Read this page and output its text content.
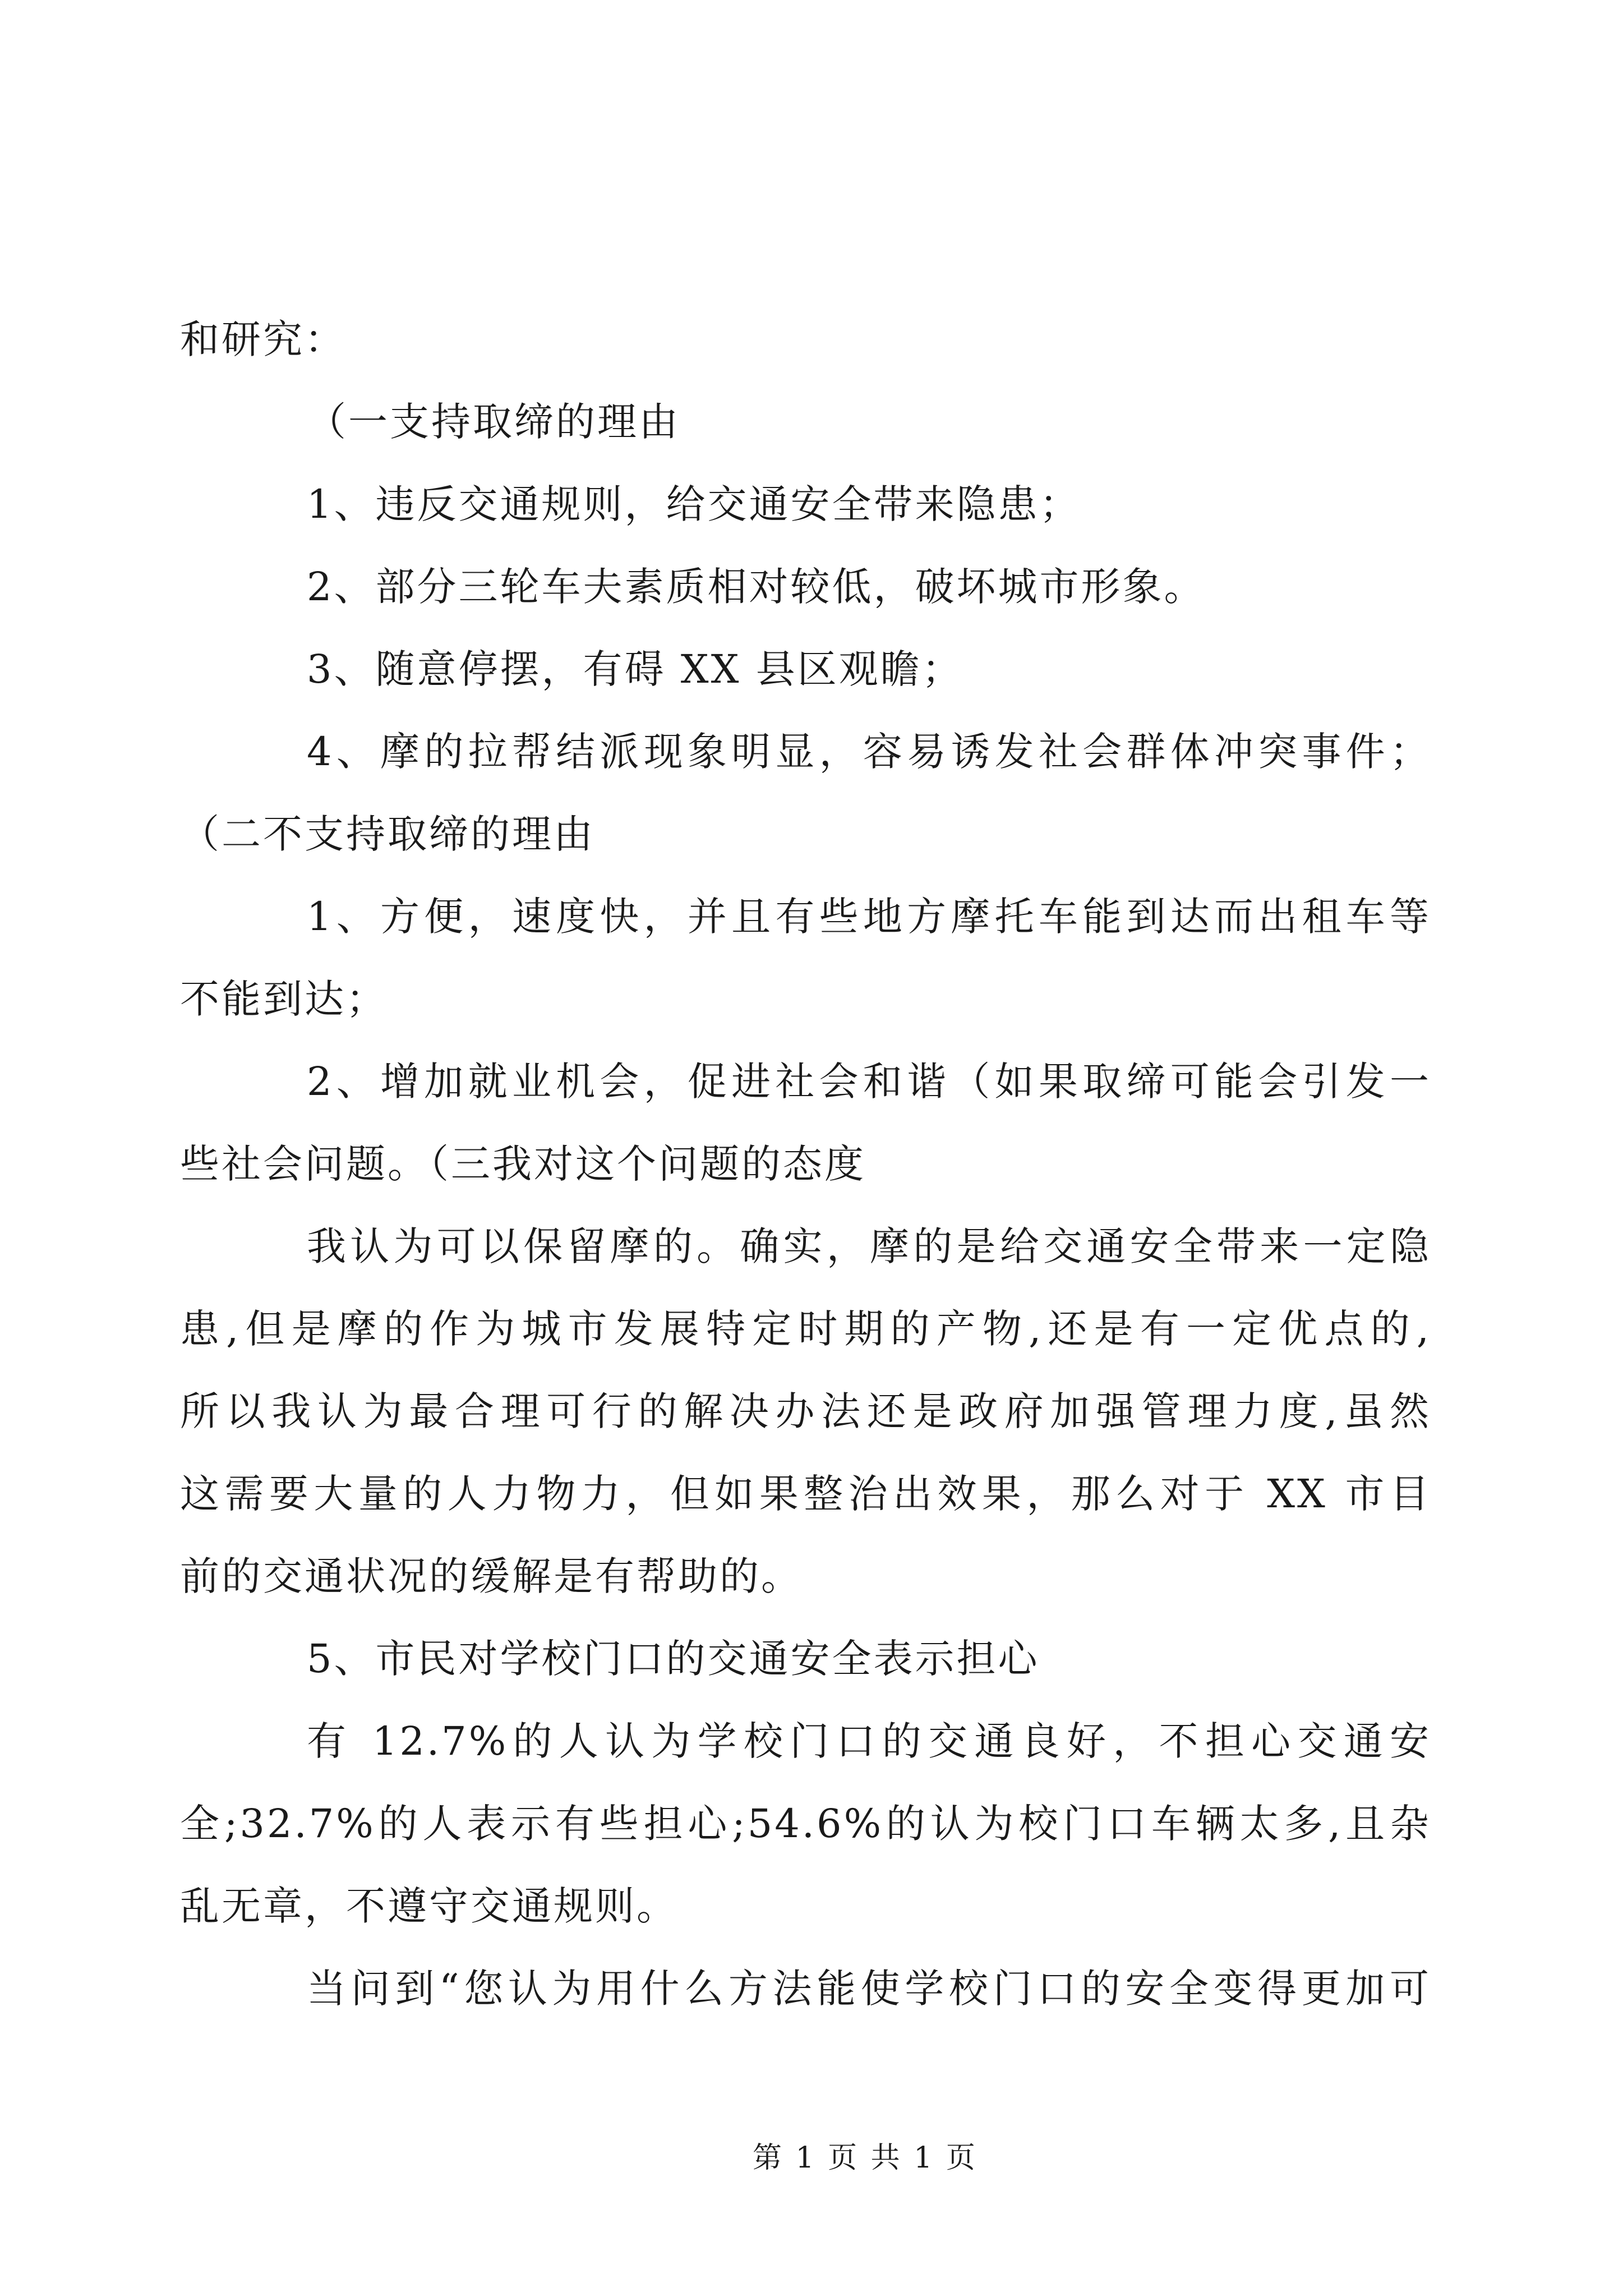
和研究：
（一支持取缔的理由
1、违反交通规则，给交通安全带来隐患；
2、部分三轮车夫素质相对较低，破坏城市形象。
3、随意停摆，有碍 XX 县区观瞻；
4、摩的拉帮结派现象明显，容易诱发社会群体冲突事件；
（二不支持取缔的理由
1、方便，速度快，并且有些地方摩托车能到达而出租车等
不能到达；
2、增加就业机会，促进社会和谐（如果取缔可能会引发一
些社会问题。（三我对这个问题的态度
我认为可以保留摩的。确实，摩的是给交通安全带来一定隐
患,但是摩的作为城市发展特定时期的产物,还是有一定优点的,
所以我认为最合理可行的解决办法还是政府加强管理力度,虽然
这需要大量的人力物力，但如果整治出效果，那么对于 XX 市目
前的交通状况的缓解是有帮助的。
5、市民对学校门口的交通安全表示担心
有 12.7%的人认为学校门口的交通良好，不担心交通安
全;32.7%的人表示有些担心;54.6%的认为校门口车辆太多,且杂
乱无章，不遵守交通规则。
当问到“您认为用什么方法能使学校门口的安全变得更加可
第 1 页 共 1 页
